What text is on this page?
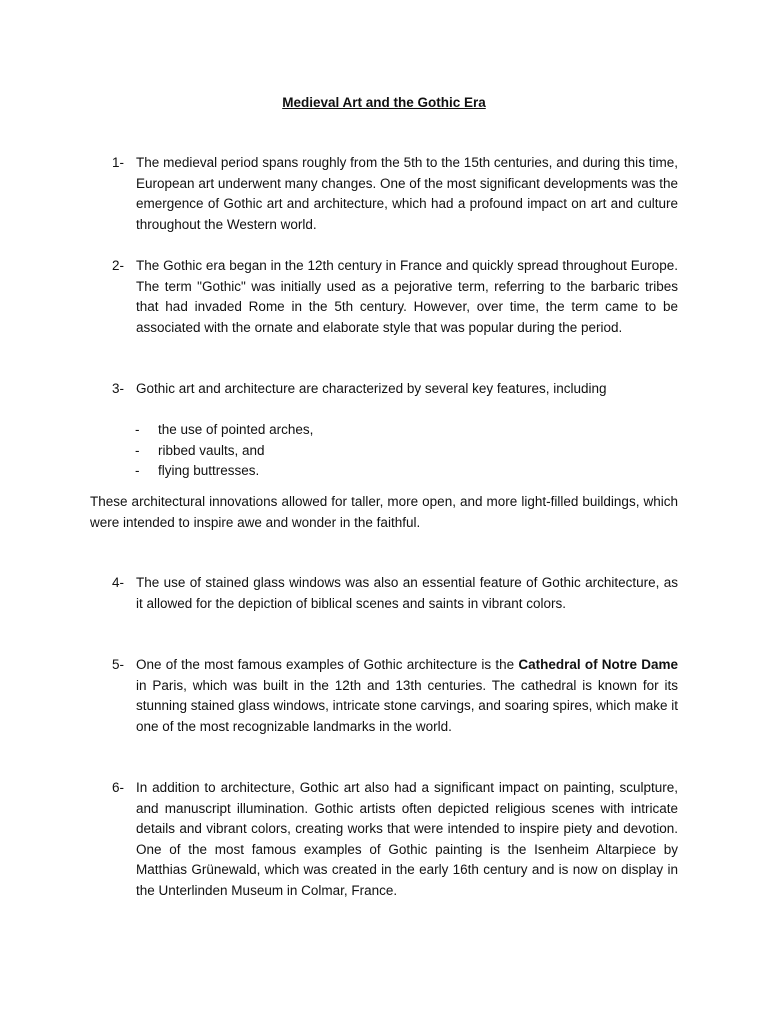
Medieval Art and the Gothic Era
1- The medieval period spans roughly from the 5th to the 15th centuries, and during this time, European art underwent many changes. One of the most significant developments was the emergence of Gothic art and architecture, which had a profound impact on art and culture throughout the Western world.
2- The Gothic era began in the 12th century in France and quickly spread throughout Europe. The term "Gothic" was initially used as a pejorative term, referring to the barbaric tribes that had invaded Rome in the 5th century. However, over time, the term came to be associated with the ornate and elaborate style that was popular during the period.
3- Gothic art and architecture are characterized by several key features, including
- the use of pointed arches,
- ribbed vaults, and
- flying buttresses.
These architectural innovations allowed for taller, more open, and more light-filled buildings, which were intended to inspire awe and wonder in the faithful.
4- The use of stained glass windows was also an essential feature of Gothic architecture, as it allowed for the depiction of biblical scenes and saints in vibrant colors.
5- One of the most famous examples of Gothic architecture is the Cathedral of Notre Dame in Paris, which was built in the 12th and 13th centuries. The cathedral is known for its stunning stained glass windows, intricate stone carvings, and soaring spires, which make it one of the most recognizable landmarks in the world.
6- In addition to architecture, Gothic art also had a significant impact on painting, sculpture, and manuscript illumination. Gothic artists often depicted religious scenes with intricate details and vibrant colors, creating works that were intended to inspire piety and devotion. One of the most famous examples of Gothic painting is the Isenheim Altarpiece by Matthias Grünewald, which was created in the early 16th century and is now on display in the Unterlinden Museum in Colmar, France.
